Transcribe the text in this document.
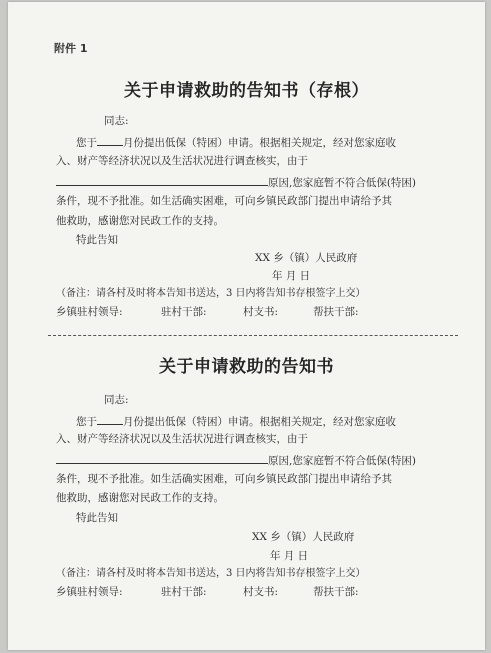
附件 1
关于申请救助的告知书（存根）
同志:
您于 月份提出低保（特困）申请。根据相关规定，经对您家庭收
入、财产等经济状况以及生活状况进行调查核实，由于
原因,您家庭暂不符合低保(特困)
条件，现不予批准。如生活确实困难，可向乡镇民政部门提出申请给予其
他救助，感谢您对民政工作的支持。
特此告知
XX 乡（镇）人民政府
年 月 日
（备注：请各村及时将本告知书送达，3 日内将告知书存根签字上交）
乡镇驻村领导:	驻村干部:	村支书:	帮扶干部:
关于申请救助的告知书
同志:
您于 月份提出低保（特困）申请。根据相关规定，经对您家庭收
入、财产等经济状况以及生活状况进行调查核实，由于
原因,您家庭暂不符合低保(特困)
条件，现不予批准。如生活确实困难，可向乡镇民政部门提出申请给予其
他救助，感谢您对民政工作的支持。
特此告知
XX 乡（镇）人民政府
年 月 日
（备注：请各村及时将本告知书送达，3 日内将告知书存根签字上交）
乡镇驻村领导:	驻村干部:	村支书:	帮扶干部:
